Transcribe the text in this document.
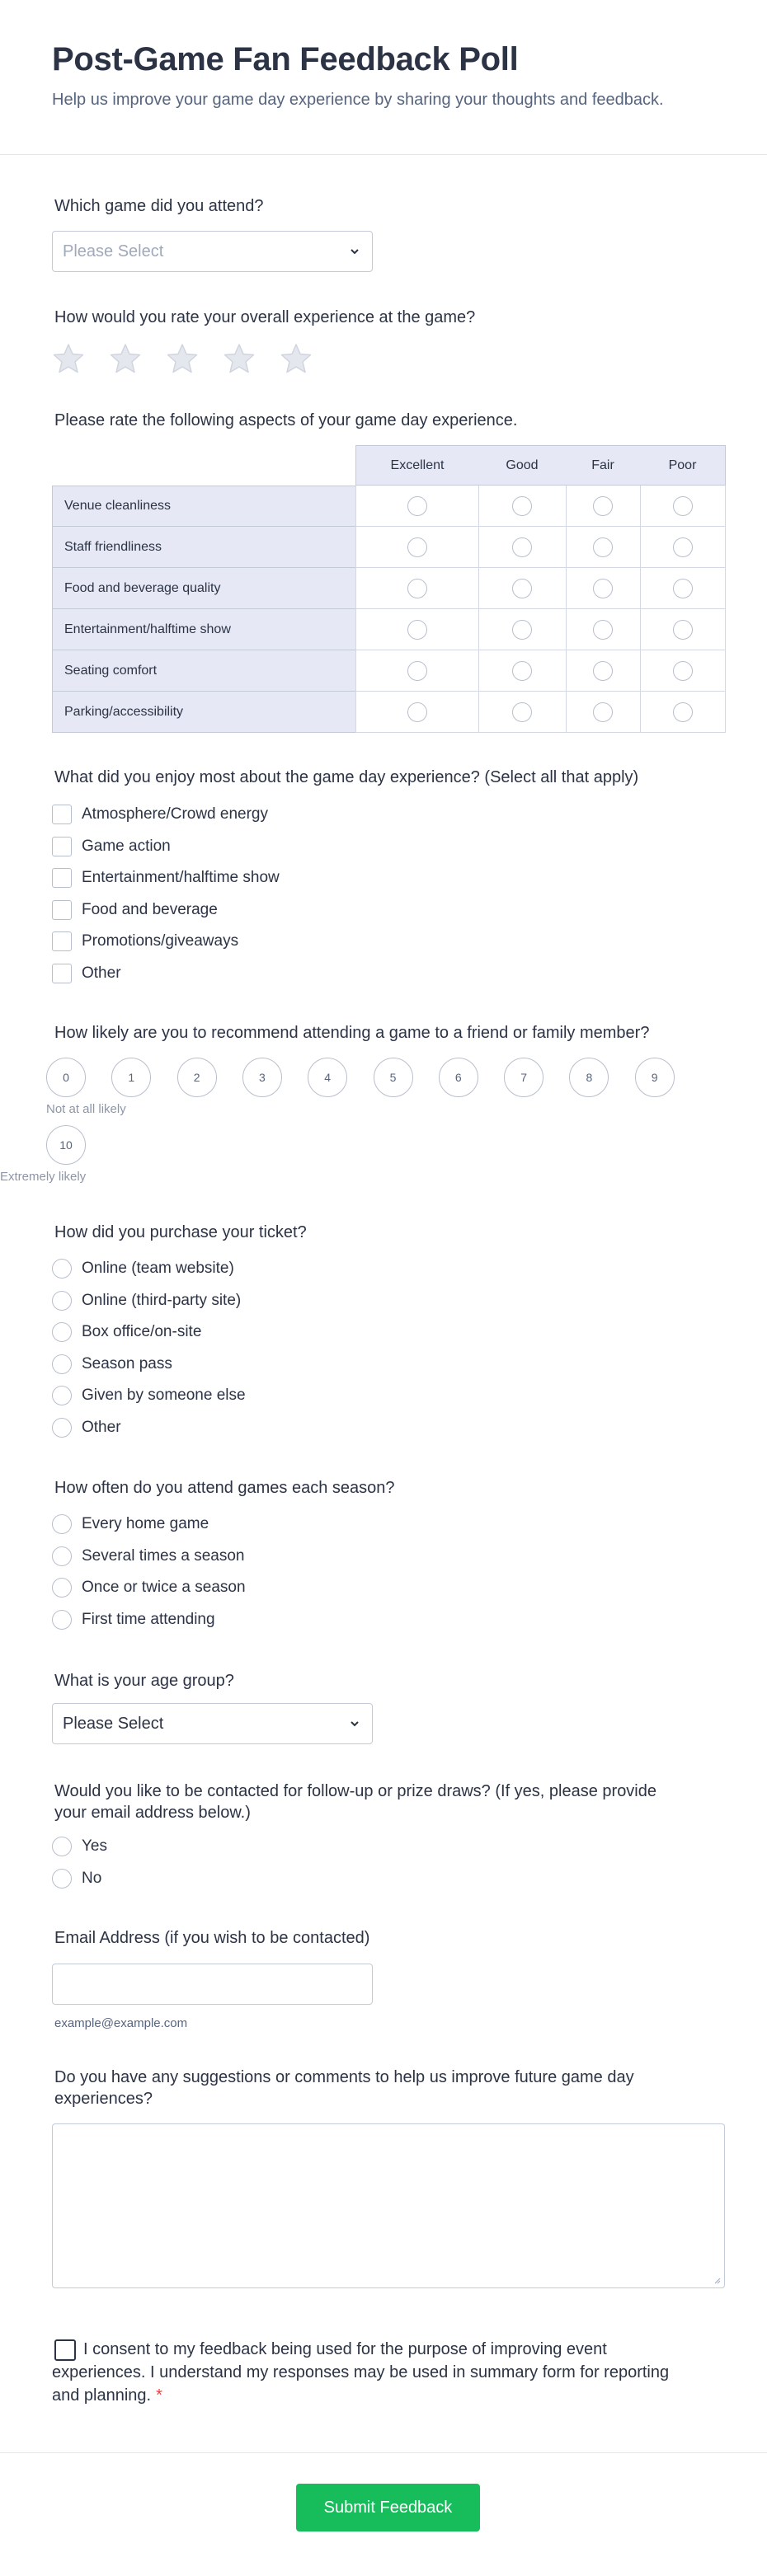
Post-Game Fan Feedback Poll

Help us improve your game day experience by sharing your thoughts and feedback.

Which game did you attend?
Please Select
How would you rate your overall experience at the game?
Please rate the following aspects of your game day experience.
Excellent	Good	Fair	Poor
Venue cleanliness
Staff friendliness
Food and beverage quality
Entertainment/halftime show
Seating comfort
Parking/accessibility
What did you enjoy most about the game day experience? (Select all that apply)
Atmosphere/Crowd energy
Game action
Entertainment/halftime show
Food and beverage
Promotions/giveaways
Other
How likely are you to recommend attending a game to a friend or family member?
0	1	2	3	4	5	6	7	8	9
10
Not at all likely
Extremely likely
How did you purchase your ticket?
Online (team website)
Online (third-party site)
Box office/on-site
Season pass
Given by someone else
Other
How often do you attend games each season?
Every home game
Several times a season
Once or twice a season
First time attending
What is your age group?
Please Select
Would you like to be contacted for follow-up or prize draws? (If yes, please provide
your email address below.)
Yes
No
Email Address (if you wish to be contacted)
example@example.com
Do you have any suggestions or comments to help us improve future game day
experiences?
I consent to my feedback being used for the purpose of improving event experiences. I understand my responses may be used in summary form for reporting and planning. *
Submit Feedback
